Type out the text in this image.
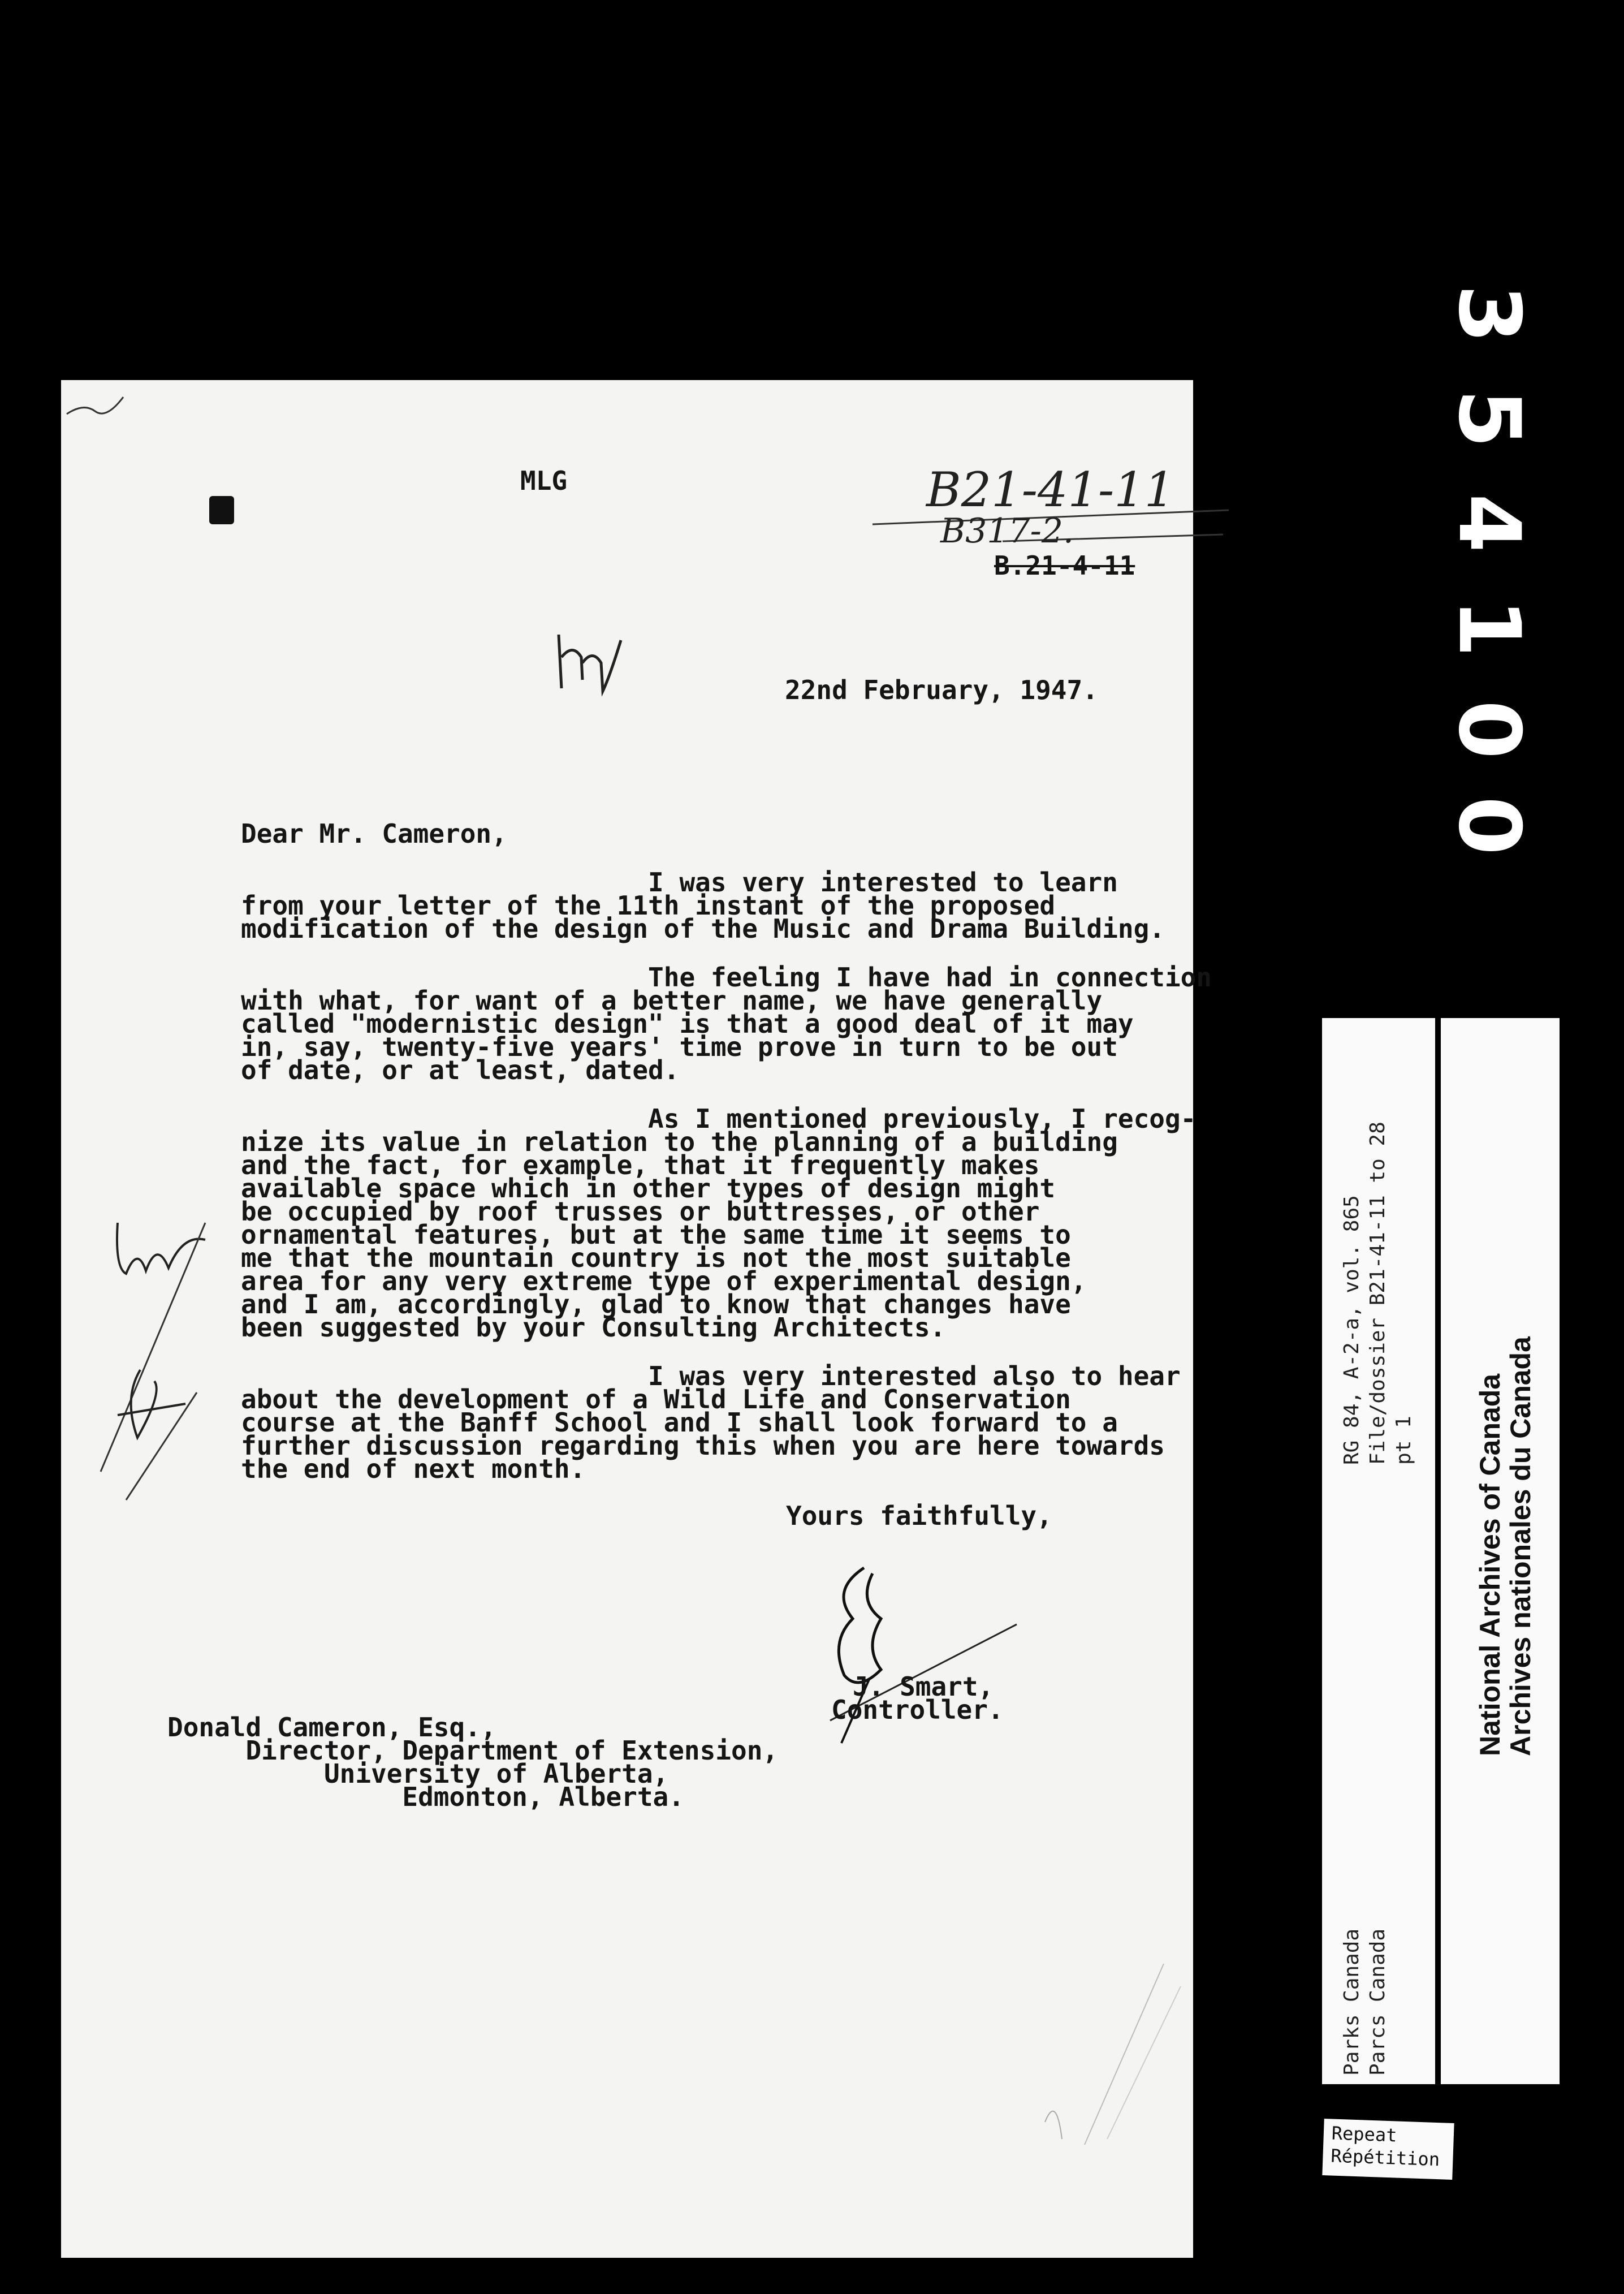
3
5
4
1
0
0
MLG	B21-41-11
B317-2.
B.21-4-11
22nd February, 1947.
Dear Mr. Cameron,
I was very interested to learn
from your letter of the 11th instant of the proposed
modification of the design of the Music and Drama Building.
The feeling I have had in connection
with what, for want of a better name, we have generally
called "modernistic design" is that a good deal of it may
in, say, twenty-five years' time prove in turn to be out
of date, or at least, dated.
As I mentioned previously, I recog-
nize its value in relation to the planning of a building
and the fact, for example, that it frequently makes
available space which in other types of design might
be occupied by roof trusses or buttresses, or other
ornamental features, but at the same time it seems to
me that the mountain country is not the most suitable
area for any very extreme type of experimental design,
and I am, accordingly, glad to know that changes have
been suggested by your Consulting Architects.
I was very interested also to hear
about the development of a Wild Life and Conservation
course at the Banff School and I shall look forward to a
further discussion regarding this when you are here towards
the end of next month.
Yours faithfully,
J. Smart,
Controller.
Donald Cameron, Esq.,
Director, Department of Extension,
University of Alberta,
Edmonton, Alberta.
Parks Canada Parcs Canada
RG 84, A-2-a, vol. 865 File/dossier B21-41-11 to 28 pt 1 National Archives of Canada
Archives nationales du Canada
Repeat
Répétition
